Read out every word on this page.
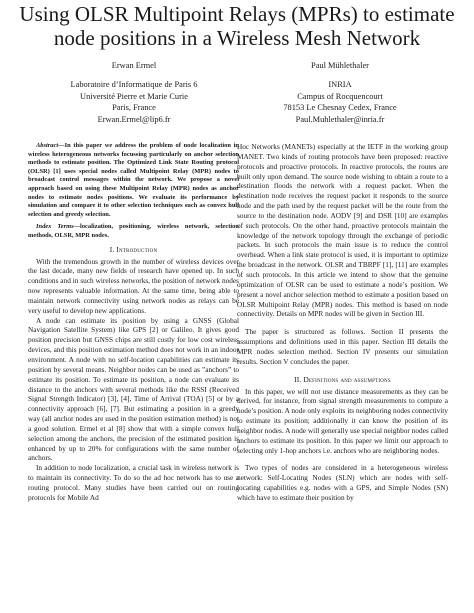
Using OLSR Multipoint Relays (MPRs) to estimate node positions in a Wireless Mesh Network
Erwan Ermel
Laboratoire d’Informatique de Paris 6
Université Pierre et Marie Curie
Paris, France
Erwan.Ermel@lip6.fr
Paul Mühlethaler
INRIA
Campus of Rocquencourt
78153 Le Chesnay Cedex, France
Paul.Muhlethaler@inria.fr

Abstract—In this paper we address the problem of node localization in wireless heterogeneous networks focussing particularly on anchor selection methods to estimate position. The Optimized Link State Routing protocol (OLSR) [1] uses special nodes called Multipoint Relay (MPR) nodes to broadcast control messages within the network. We propose a novel approach based on using these Multipoint Relay (MPR) nodes as anchor nodes to estimate nodes positions. We evaluate its performance by simulation and compare it to other selection techniques such as convex hull selection and greedy selection.

Index Terms—localization, positioning, wireless network, selection methods, OLSR, MPR nodes.

I. Introduction

With the tremendous growth in the number of wireless devices over the last decade, many new fields of research have opened up. In such conditions and in such wireless networks, the position of network nodes now represents valuable information. At the same time, being able to maintain network connectivity using network nodes as relays can be very useful to develop new applications.

A node can estimate its position by using a GNSS (Global Navigation Satellite System) like GPS [2] or Galileo. It gives good position precision but GNSS chips are still costly for low cost wireless devices, and this position estimation method does not work in an indoor environment. A node with no self-location capabilities can estimate its position by several means. Neighbor nodes can be used as ”anchors” to estimate its position. To estimate its position, a node can evaluate its distance to the anchors with several methods like the RSSI (Received Signal Strength Indicator) [3], [4], Time of Arrival (TOA) [5] or by a connectivity approach [6], [7]. But estimating a position in a greedy way (all anchor nodes are used in the position estimation method) is not a good solution. Ermel et al [8] show that with a simple convex hull selection among the anchors, the precision of the estimated position is enhanced by up to 20% for configurations with the same number of anchors.

In addition to node localization, a crucial task in wireless network is to maintain its connectivity. To do so the ad hoc network has to use a routing protocol. Many studies have been carried out on routing protocols for Mobile Ad

Hoc Networks (MANETs) especially at the IETF in the working group MANET. Two kinds of routing protocols have been proposed: reactive protocols and proactive protocols. In reactive protocols, the routes are built only upon demand. The source node wishing to obtain a route to a destination floods the network with a request packet. When the destination node receives the request packet it responds to the source node and the path used by the request packet will be the route from the source to the destination node. AODV [9] and DSR [10] are examples of such protocols. On the other hand, proactive protocols maintain the knowledge of the network topology through the exchange of periodic packets. In such protocols the main issue is to reduce the control overhead. When a link state protocol is used, it is important to optimize the broadcast in the network. OLSR and TBRPF [1], [11] are examples of such protocols. In this article we intend to show that the genuine optimization of OLSR can be used to estimate a node’s position. We present a novel anchor selection method to estimate a position based on OLSR Multipoint Relay (MPR) nodes. This method is based on node connectivity. Details on MPR nodes will be given in Section III.

The paper is structured as follows. Section II presents the assumptions and definitions used in this paper. Section III details the MPR nodes selection method. Section IV presents our simulation results. Section V concludes the paper.

II. Definitions and assumptions

In this paper, we will not use distance measurements as they can be derived, for instance, from signal strength measurements to compute a node’s position. A node only exploits its neighboring nodes connectivity to estimate its position; additionally it can know the position of its neighbor nodes. A node will generally use special neighbor nodes called anchors to estimate its position. In this paper we limit our approach to selecting only 1-hop anchors i.e. anchors who are neighboring nodes.

Two types of nodes are considered in a heterogeneous wireless network: Self-Locating Nodes (SLN) which are nodes with self-locating capabilities e.g. nodes with a GPS, and Simple Nodes (SN) which have to estimate their position by
